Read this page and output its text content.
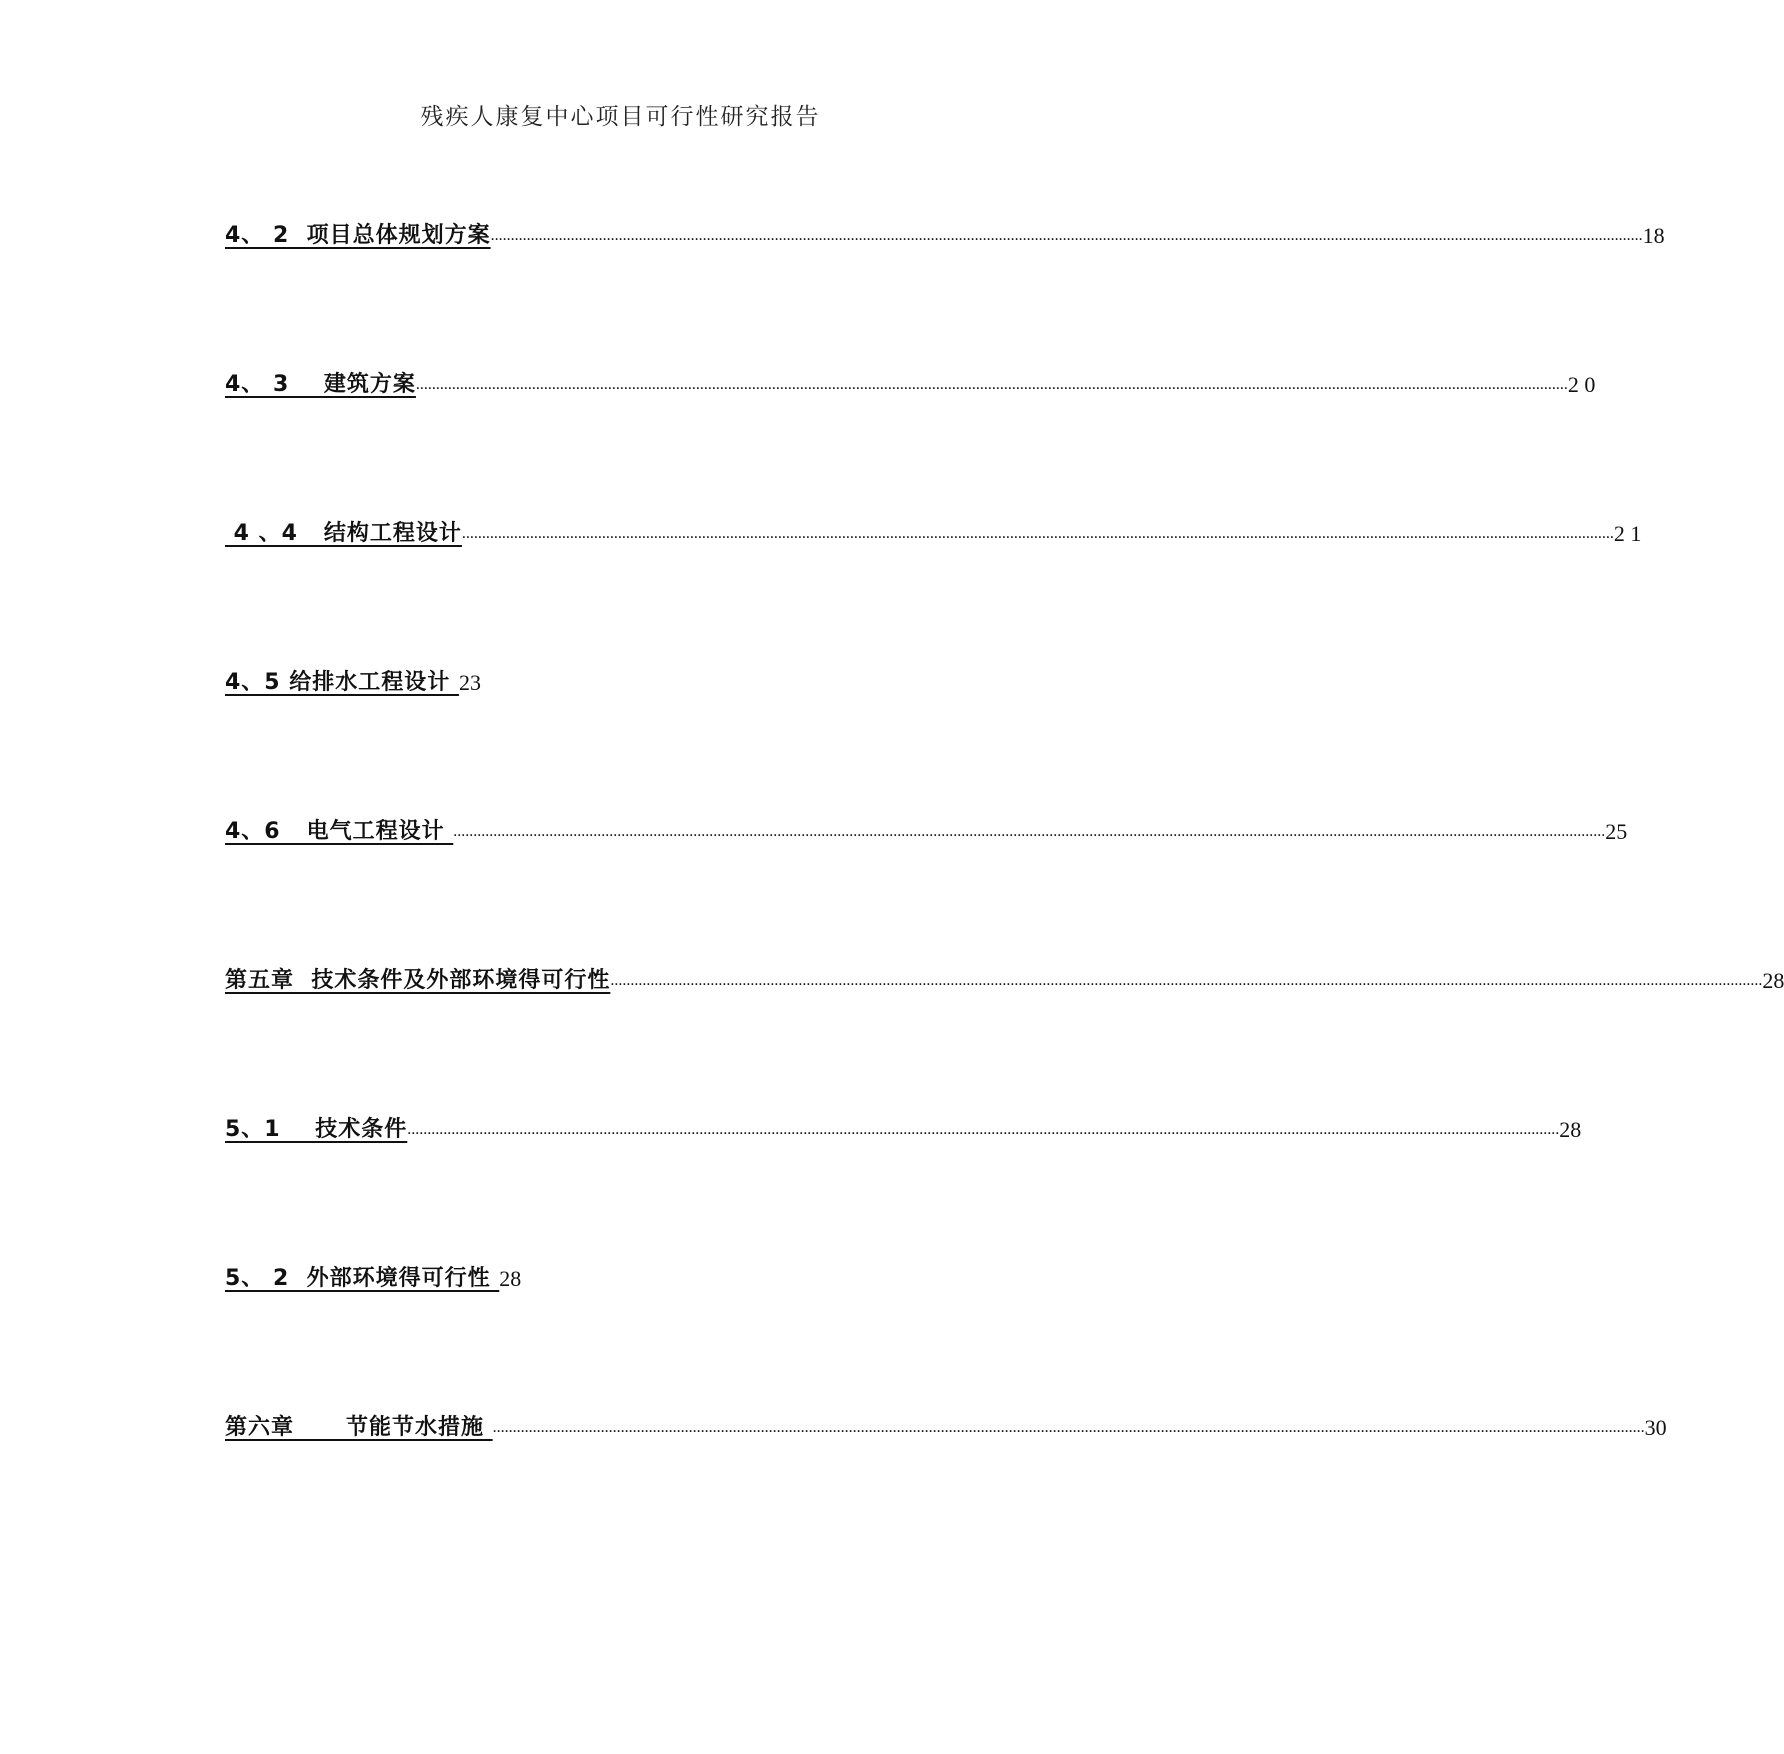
残疾人康复中心项目可行性研究报告
4、 2  项目总体规划方案 ................................................................................................................................................................................................................................................................................................ 18
4、 3    建筑方案 ................................................................................................................................................................................................................................................................................................ 2 0
4 、4   结构工程设计 ................................................................................................................................................................................................................................................................................................ 2 1
4、5 给排水工程设计 23
4、6   电气工程设计 ................................................................................................................................................................................................................................................................................................ 25
第五章  技术条件及外部环境得可行性 ................................................................................................................................................................................................................................................................................................ 28
5、1    技术条件 ................................................................................................................................................................................................................................................................................................ 28
5、 2  外部环境得可行性 28
第六章      节能节水措施 ................................................................................................................................................................................................................................................................................................ 30
